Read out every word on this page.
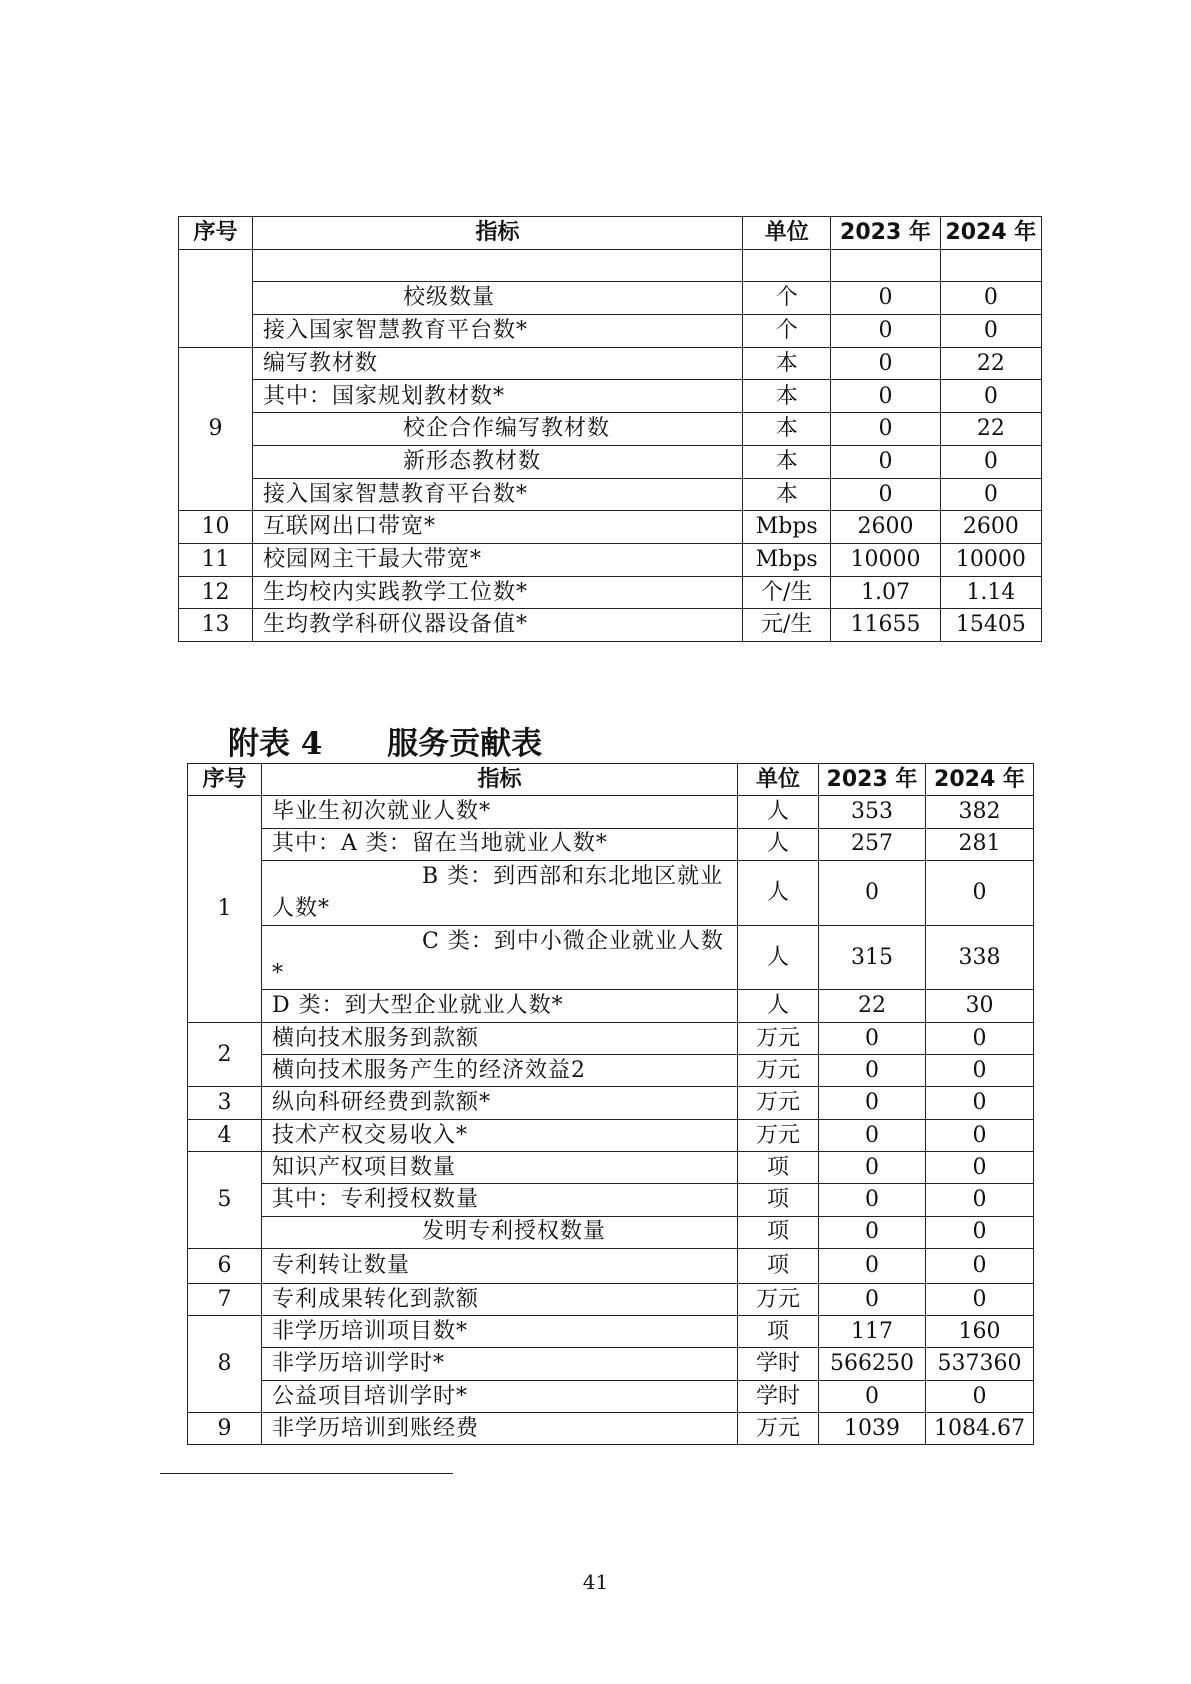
序号	指标	单位	2023 年	2024 年

	校级数量	个	0	0
	接入国家智慧教育平台数*	个	0	0
9	编写教材数	本	0	22
	其中：国家规划教材数*	本	0	0
	校企合作编写教材数	本	0	22
	新形态教材数	本	0	0
	接入国家智慧教育平台数*	本	0	0
10	互联网出口带宽*	Mbps	2600	2600
11	校园网主干最大带宽*	Mbps	10000	10000
12	生均校内实践教学工位数*	个/生	1.07	1.14
13	生均教学科研仪器设备值*	元/生	11655	15405
附表 4      服务贡献表
序号	指标	单位	2023 年	2024 年
1	毕业生初次就业人数*	人	353	382
	其中：A 类：留在当地就业人数*	人	257	281

	B 类：到西部和东北地区就业
人数*	人	0	0

	C 类：到中小微企业就业人数
*	人	315	338
	D 类：到大型企业就业人数*	人	22	30
2	横向技术服务到款额	万元	0	0
	横向技术服务产生的经济效益2	万元	0	0
3	纵向科研经费到款额*	万元	0	0
4	技术产权交易收入*	万元	0	0
5	知识产权项目数量	项	0	0
	其中：专利授权数量	项	0	0
	发明专利授权数量	项	0	0
6	专利转让数量	项	0	0
7	专利成果转化到款额	万元	0	0
8	非学历培训项目数*	项	117	160
	非学历培训学时*	学时	566250	537360
	公益项目培训学时*	学时	0	0
9	非学历培训到账经费	万元	1039	1084.67
41
